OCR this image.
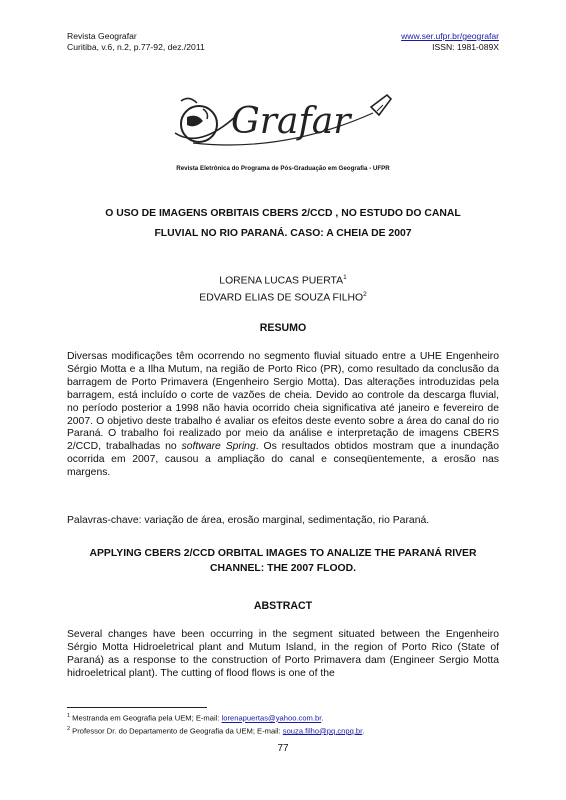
Revista Geografar
Curitiba, v.6, n.2, p.77-92, dez./2011
www.ser.ufpr.br/geografar
ISSN: 1981-089X
Grafar
Revista Eletrônica do Programa de Pós-Graduação em Geografia - UFPR
O USO DE IMAGENS ORBITAIS CBERS 2/CCD , NO ESTUDO DO CANAL
FLUVIAL NO RIO PARANÁ. CASO: A CHEIA DE 2007
LORENA LUCAS PUERTA$^1$
EDVARD ELIAS DE SOUZA FILHO$^2$
RESUMO
Diversas modificações têm ocorrendo no segmento fluvial situado entre a UHE Engenheiro Sérgio Motta e a Ilha Mutum, na região de Porto Rico (PR), como resultado da conclusão da barragem de Porto Primavera (Engenheiro Sergio Motta). Das alterações introduzidas pela barragem, está incluído o corte de vazões de cheia. Devido ao controle da descarga fluvial, no período posterior a 1998 não havia ocorrido cheia significativa até janeiro e fevereiro de 2007. O objetivo deste trabalho é avaliar os efeitos deste evento sobre a área do canal do rio Paraná. O trabalho foi realizado por meio da análise e interpretação de imagens CBERS 2/CCD, trabalhadas no software Spring. Os resultados obtidos mostram que a inundação ocorrida em 2007, causou a ampliação do canal e conseqüentemente, a erosão nas margens.
Palavras-chave: variação de área, erosão marginal, sedimentação, rio Paraná.
APPLYING CBERS 2/CCD ORBITAL IMAGES TO ANALIZE THE PARANÁ RIVER
CHANNEL: THE 2007 FLOOD.
ABSTRACT
Several changes have been occurring in the segment situated between the Engenheiro Sérgio Motta Hidroeletrical plant and Mutum Island, in the region of Porto Rico (State of Paraná) as a response to the construction of Porto Primavera dam (Engineer Sergio Motta hidroeletrical plant). The cutting of flood flows is one of the
$^1$ Mestranda em Geografia pela UEM; E-mail: lorenapuertas@yahoo.com.br.
$^2$ Professor Dr. do Departamento de Geografia da UEM; E-mail: souza.filho@pq.cnpq.br.
77
